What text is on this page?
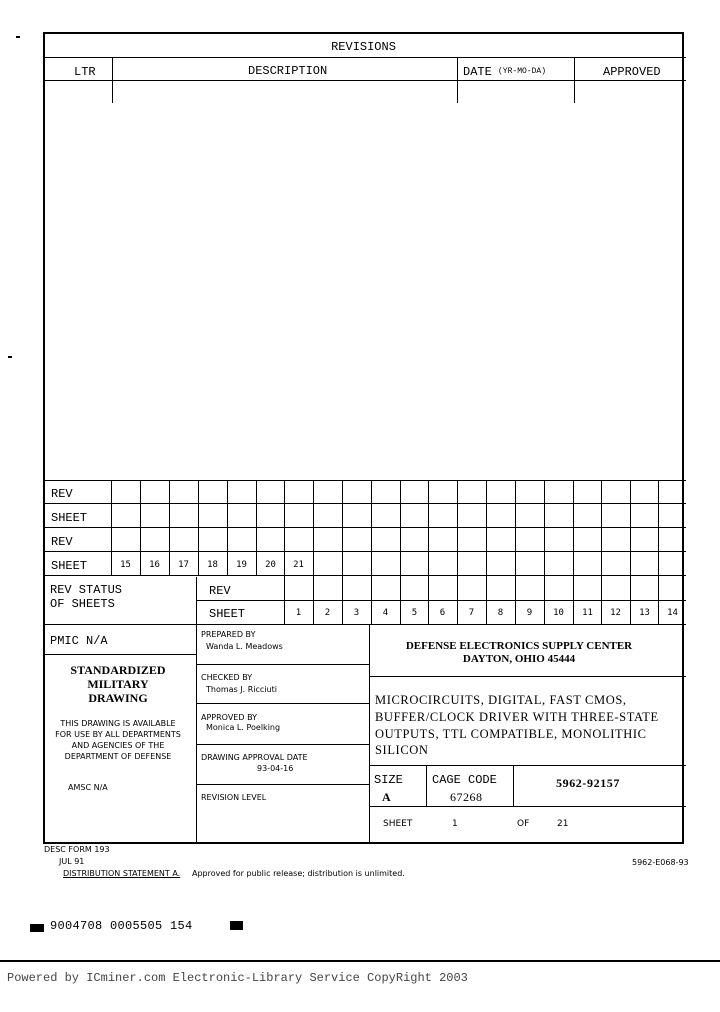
REVISIONS
LTR	DESCRIPTION	DATE (YR-MO-DA)	APPROVED
REV
SHEET
REV
SHEET	15	16	17	18	19	20	21
REV STATUS
OF SHEETS
REV
SHEET	1	2	3	4	5	6	7	8	9	10	11	12	13	14
PMIC N/A
STANDARDIZED
MILITARY
DRAWING
THIS DRAWING IS AVAILABLE
FOR USE BY ALL DEPARTMENTS
AND AGENCIES OF THE
DEPARTMENT OF DEFENSE
AMSC N/A
PREPARED BY
Wanda L. Meadows
CHECKED BY
Thomas J. Ricciuti
APPROVED BY
Monica L. Poelking
DRAWING APPROVAL DATE
93-04-16
REVISION LEVEL
DEFENSE ELECTRONICS SUPPLY CENTER
DAYTON, OHIO 45444
MICROCIRCUITS, DIGITAL, FAST CMOS,
BUFFER/CLOCK DRIVER WITH THREE-STATE
OUTPUTS, TTL COMPATIBLE, MONOLITHIC
SILICON
SIZE
A
CAGE CODE
67268
5962-92157
SHEET	1	OF	21
DESC FORM 193
JUL 91
DISTRIBUTION STATEMENT A. Approved for public release; distribution is unlimited.
5962-E068-93
9004708 0005505 154
Powered by ICminer.com Electronic-Library Service CopyRight 2003
